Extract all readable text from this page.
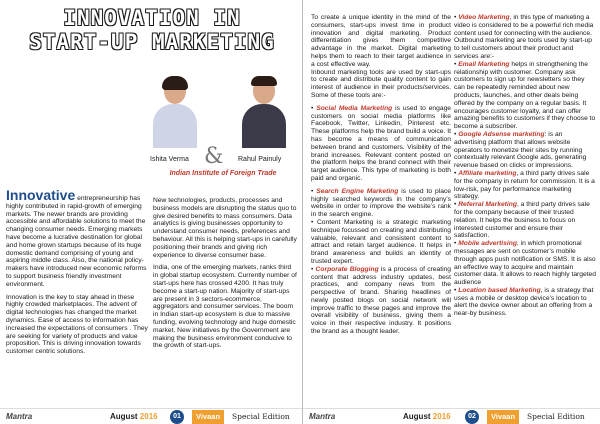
INNOVATION IN
START-UP MARKETING
&
Ishita Verma	Rahul Painuly
Indian Institute of Foreign Trade

Innovative entrepreneurship has highly contributed in rapid-growth of emerging markets. The newer brands are providing accessible and affordable solutions to meet the changing consumer needs. Emerging markets have become a lucrative destination for global and home grown startups because of its huge domestic demand comprising of young and aspiring middle class. Also, the national policy-makers have introduced new economic reforms to support business friendly investment environment.

Innovation is the key to stay ahead in these highly crowded marketplaces. The advent of digital technologies has changed the market dynamics. Ease of access to information has increased the expectations of consumers . They are seeking for variety of products and value proposition. This is driving innovation towards customer centric solutions.

New technologies, products, processes and business models are disrupting the status quo to give desired benefits to mass consumers. Data analytics is giving businesses opportunity to understand consumer needs, preferences and behaviour. All this is helping start-ups in carefully positioning their brands and giving rich experience to diverse consumer base.

India, one of the emerging markets, ranks third in global startup ecosystem. Currently number of start-ups here has crossed 4200. It has truly become a start-up nation. Majority of start-ups are present in 3 sectors-ecommerce, aggregators and consumer services. The boom in Indian start-up ecosystem is due to massive funding, evolving technology and huge domestic market. New initiatives by the Government are making the business environment conducive to the growth of start-ups.

Mantra	August 2016	01	Vivaan	Special Edition

To create a unique identity in the mind of the consumers, start-ups invest time in product innovation and digital marketing. Product differentiation gives them competitive advantage in the market. Digital marketing helps them to reach to their target audience in a cost effective way.

Inbound marketing tools are used by start-ups to create and distribute quality content to gain interest of audience in their products/services. Some of these tools are:-

• Social Media Marketing is used to engage customers on social media platforms like Facebook, Twitter, Linkedin, Pinterest etc. These platforms help the brand build a voice. It has become a means of communication between brand and customers. Visibility of the brand increases. Relevant content posted on the platform helps the brand connect with their target audience. This type of marketing is both paid and organic.

• Search Engine Marketing is used to place highly searched keywords in the company’s website in order to improve the website’s rank in the search engine.

• Content Marketing is a strategic marketing technique focussed on creating and distributing valuable, relevant and consistent content to attract and retain target audience. It helps in brand awareness and builds an identity of trusted expert.

• Corporate Blogging is a process of creating content that address industry updates, best practices, and company news from the perspective of brand. Sharing headlines of newly posted blogs on social network will improve traffic to these pages and improve the overall visibility of business, giving them a voice in their respective industry. It positions the brand as a thought leader.

• Video Marketing, in this type of marketing a video is considered to be a powerful rich media content used for connecting with the audience.

Outbound marketing are tools used by start-up to tell customers about their product and services are:-

• Email Marketing helps in strengthening the relationship with customer. Company ask customers to sign up for newsletters so they can be repeatedly reminded about new products, launches, and other deals being offered by the company on a regular basis. It encourages customer loyalty, and can offer amazing benefits to customers if they choose to become a subscriber.

• Google Adsense marketing: is an advertising platform that allows website operators to monetize their sites by running contextually relevant Google ads, generating revenue based on clicks or impressions.

• Affiliate marketing, a third party drives sale for the company in return for commission. It is a low-risk, pay for performance marketing strategy.

• Referral Marketing, a third party drives sale for the company because of their trusted relation. It helps the business to focus on interested customer and ensure their satisfaction.

• Mobile advertising, in which promotional messages are sent on customer’s mobile through apps push notification or SMS. It is also an effective way to acquire and maintain customer data. It allows to reach highly targeted audience

• Location based Marketing, is a strategy that uses a mobile or desktop device’s location to alert the device owner about an offering from a near-by business.

Mantra	August 2016	02	Vivaan	Special Edition
